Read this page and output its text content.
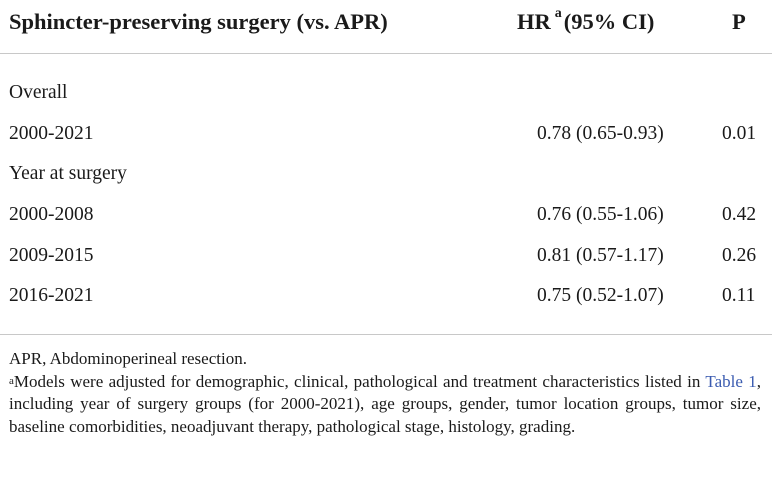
Sphincter-preserving surgery (vs. APR)	HR $^a$(95% CI)	P
Overall
2000-2021	0.78 (0.65-0.93)	0.01
Year at surgery
2000-2008	0.76 (0.55-1.06)	0.42
2009-2015	0.81 (0.57-1.17)	0.26
2016-2021	0.75 (0.52-1.07)	0.11

APR, Abdominoperineal resection.

$^a$Models were adjusted for demographic, clinical, pathological and treatment characteristics listed in Table 1, including year of surgery groups (for 2000-2021), age groups, gender, tumor location groups, tumor size, baseline comorbidities, neoadjuvant therapy, pathological stage, histology, grading.
